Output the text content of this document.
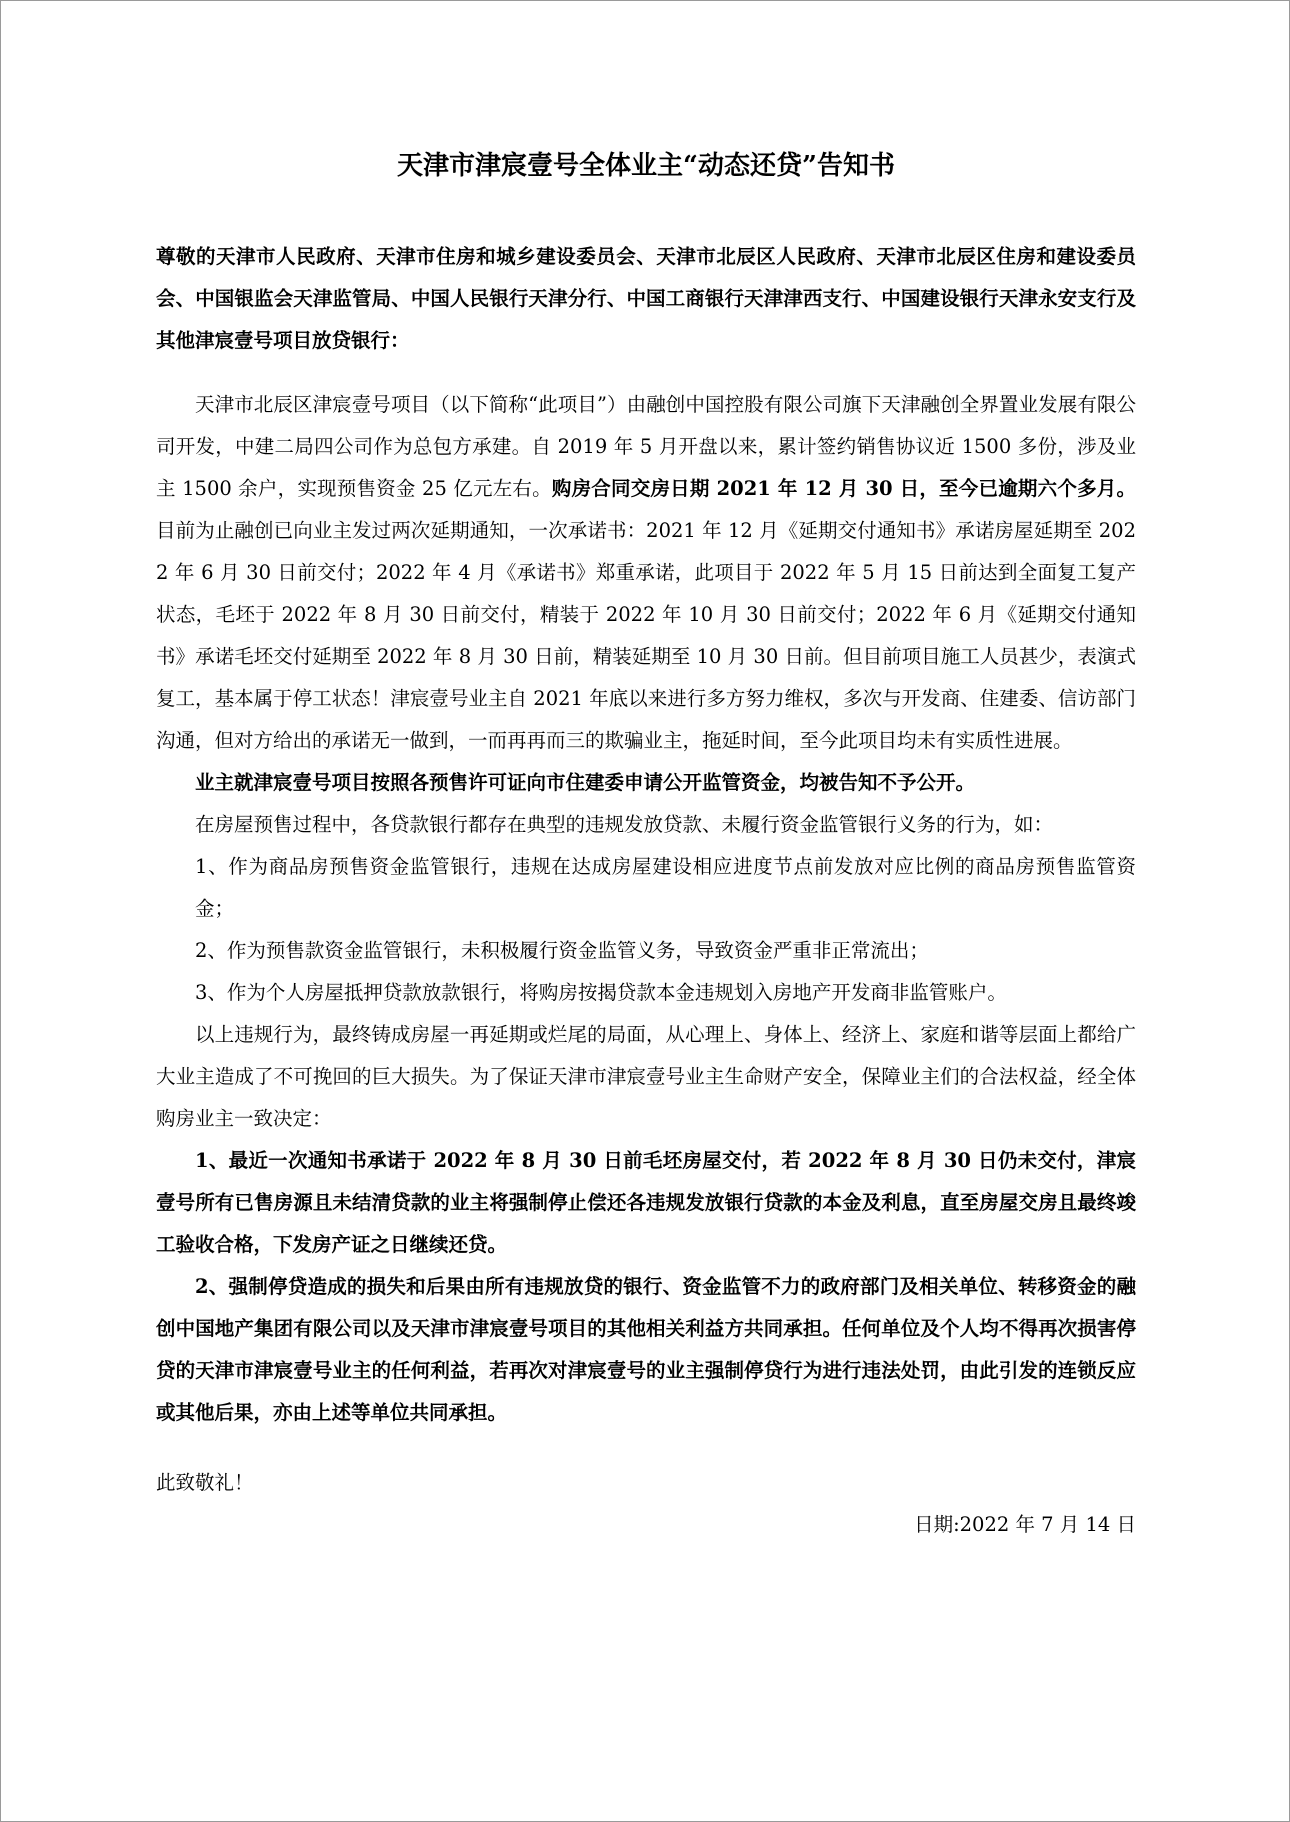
天津市津宸壹号全体业主“动态还贷”告知书

尊敬的天津市人民政府、天津市住房和城乡建设委员会、天津市北辰区人民政府、天津市北辰区住房和建设委员会、中国银监会天津监管局、中国人民银行天津分行、中国工商银行天津津西支行、中国建设银行天津永安支行及其他津宸壹号项目放贷银行：

天津市北辰区津宸壹号项目（以下简称“此项目”）由融创中国控股有限公司旗下天津融创全界置业发展有限公司开发，中建二局四公司作为总包方承建。自 2019 年 5 月开盘以来，累计签约销售协议近 1500 多份，涉及业主 1500 余户，实现预售资金 25 亿元左右。购房合同交房日期 2021 年 12 月 30 日，至今已逾期六个多月。目前为止融创已向业主发过两次延期通知，一次承诺书：2021 年 12 月《延期交付通知书》承诺房屋延期至 2022 年 6 月 30 日前交付；2022 年 4 月《承诺书》郑重承诺，此项目于 2022 年 5 月 15 日前达到全面复工复产状态，毛坯于 2022 年 8 月 30 日前交付，精装于 2022 年 10 月 30 日前交付；2022 年 6 月《延期交付通知书》承诺毛坯交付延期至 2022 年 8 月 30 日前，精装延期至 10 月 30 日前。但目前项目施工人员甚少，表演式复工，基本属于停工状态！津宸壹号业主自 2021 年底以来进行多方努力维权，多次与开发商、住建委、信访部门沟通，但对方给出的承诺无一做到，一而再再而三的欺骗业主，拖延时间，至今此项目均未有实质性进展。

业主就津宸壹号项目按照各预售许可证向市住建委申请公开监管资金，均被告知不予公开。

在房屋预售过程中，各贷款银行都存在典型的违规发放贷款、未履行资金监管银行义务的行为，如：

1、作为商品房预售资金监管银行，违规在达成房屋建设相应进度节点前发放对应比例的商品房预售监管资金；

2、作为预售款资金监管银行，未积极履行资金监管义务，导致资金严重非正常流出；

3、作为个人房屋抵押贷款放款银行，将购房按揭贷款本金违规划入房地产开发商非监管账户。

以上违规行为，最终铸成房屋一再延期或烂尾的局面，从心理上、身体上、经济上、家庭和谐等层面上都给广大业主造成了不可挽回的巨大损失。为了保证天津市津宸壹号业主生命财产安全，保障业主们的合法权益，经全体购房业主一致决定：

1、最近一次通知书承诺于 2022 年 8 月 30 日前毛坯房屋交付，若 2022 年 8 月 30 日仍未交付，津宸壹号所有已售房源且未结清贷款的业主将强制停止偿还各违规发放银行贷款的本金及利息，直至房屋交房且最终竣工验收合格，下发房产证之日继续还贷。

2、强制停贷造成的损失和后果由所有违规放贷的银行、资金监管不力的政府部门及相关单位、转移资金的融创中国地产集团有限公司以及天津市津宸壹号项目的其他相关利益方共同承担。任何单位及个人均不得再次损害停贷的天津市津宸壹号业主的任何利益，若再次对津宸壹号的业主强制停贷行为进行违法处罚，由此引发的连锁反应或其他后果，亦由上述等单位共同承担。

此致敬礼！

日期:2022 年 7 月 14 日
